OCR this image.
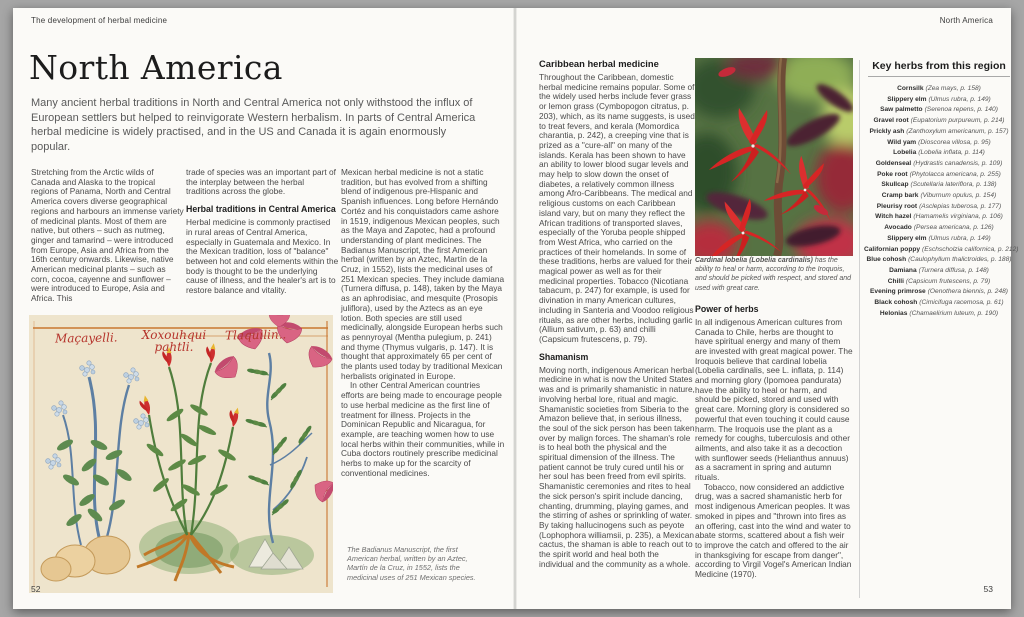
The development of herbal medicine
North America

Many ancient herbal traditions in North and Central America not only withstood the influx of European settlers but helped to reinvigorate Western herbalism. In parts of Central America herbal medicine is widely practised, and in the US and Canada it is again enormously popular.

Stretching from the Arctic wilds of Canada and Alaska to the tropical regions of Panama, North and Central America covers diverse geographical regions and harbours an immense variety of medicinal plants. Most of them are native, but others – such as nutmeg, ginger and tamarind – were introduced from Europe, Asia and Africa from the 16th century onwards. Likewise, native American medicinal plants – such as corn, cocoa, cayenne and sunflower – were introduced to Europe, Asia and Africa. This

trade of species was an important part of the interplay between the herbal traditions across the globe.

Herbal traditions in Central America

Herbal medicine is commonly practised in rural areas of Central America, especially in Guatemala and Mexico. In the Mexican tradition, loss of "balance" between hot and cold elements within the body is thought to be the underlying cause of illness, and the healer's art is to restore balance and vitality.

Mexican herbal medicine is not a static tradition, but has evolved from a shifting blend of indigenous pre-Hispanic and Spanish influences. Long before Hernándo Cortéz and his conquistadors came ashore in 1519, indigenous Mexican peoples, such as the Maya and Zapotec, had a profound understanding of plant medicines. The Badianus Manuscript, the first American herbal (written by an Aztec, Martín de la Cruz, in 1552), lists the medicinal uses of 251 Mexican species. They include damiana (Turnera diffusa, p. 148), taken by the Maya as an aphrodisiac, and mesquite (Prosopis juliflora), used by the Aztecs as an eye lotion. Both species are still used medicinally, alongside European herbs such as pennyroyal (Mentha pulegium, p. 241) and thyme (Thymus vulgaris, p. 147). It is thought that approximately 65 per cent of the plants used today by traditional Mexican herbalists originated in Europe.

In other Central American countries efforts are being made to encourage people to use herbal medicine as the first line of treatment for illness. Projects in the Dominican Republic and Nicaragua, for example, are teaching women how to use local herbs within their communities, while in Cuba doctors routinely prescribe medicinal herbs to make up for the scarcity of conventional medicines.

Maçayelli.	Xoxouhqui pahtli.
Tlaquilin..
The Badianus Manuscript, the first American herbal, written by an Aztec, Martín de la Cruz, in 1552, lists the medicinal uses of 251 Mexican species.
52
North America
Caribbean herbal medicine

Throughout the Caribbean, domestic herbal medicine remains popular. Some of the widely used herbs include fever grass or lemon grass (Cymbopogon citratus, p. 203), which, as its name suggests, is used to treat fevers, and kerala (Momordica charantia, p. 242), a creeping vine that is prized as a "cure-all" on many of the islands. Kerala has been shown to have an ability to lower blood sugar levels and may help to slow down the onset of diabetes, a relatively common illness among Afro-Caribbeans. The medical and religious customs on each Caribbean island vary, but on many they reflect the African traditions of transported slaves, especially of the Yoruba people shipped from West Africa, who carried on the practices of their homelands. In some of these traditions, herbs are valued for their magical power as well as for their medicinal properties. Tobacco (Nicotiana tabacum, p. 247) for example, is used for divination in many American cultures, including in Santeria and Voodoo religious rituals, as are other herbs, including garlic (Allium sativum, p. 63) and chilli (Capsicum frutescens, p. 79).

Shamanism

Moving north, indigenous American herbal medicine in what is now the United States was and is primarily shamanistic in nature, involving herbal lore, ritual and magic. Shamanistic societies from Siberia to the Amazon believe that, in serious illness, the soul of the sick person has been taken over by malign forces. The shaman's role is to heal both the physical and the spiritual dimension of the illness. The patient cannot be truly cured until his or her soul has been freed from evil spirits. Shamanistic ceremonies and rites to heal the sick person's spirit include dancing, chanting, drumming, playing games, and the stirring of ashes or sprinkling of water. By taking hallucinogens such as peyote (Lophophora williamsii, p. 235), a Mexican cactus, the shaman is able to reach out to the spirit world and heal both the individual and the community as a whole.

Cardinal lobelia (Lobelia cardinalis) has the ability to heal or harm, according to the Iroquois, and should be picked with respect, and stored and used with great care.

Power of herbs

In all indigenous American cultures from Canada to Chile, herbs are thought to have spiritual energy and many of them are invested with great magical power. The Iroquois believe that cardinal lobelia (Lobelia cardinalis, see L. inflata, p. 114) and morning glory (Ipomoea pandurata) have the ability to heal or harm, and should be picked, stored and used with great care. Morning glory is considered so powerful that even touching it could cause harm. The Iroquois use the plant as a remedy for coughs, tuberculosis and other ailments, and also take it as a decoction with sunflower seeds (Helianthus annuus) as a sacrament in spring and autumn rituals.

Tobacco, now considered an addictive drug, was a sacred shamanistic herb for most indigenous American peoples. It was smoked in pipes and "thrown into fires as an offering, cast into the wind and water to abate storms, scattered about a fish weir to improve the catch and offered to the air in thanksgiving for escape from danger", according to Virgil Vogel's American Indian Medicine (1970).

Key herbs from this region
Cornsilk (Zea mays, p. 158)
Slippery elm (Ulmus rubra, p. 149)
Saw palmetto (Serenoa repens, p. 140)
Gravel root (Eupatorium purpureum, p. 214)
Prickly ash (Zanthoxylum americanum, p. 157)
Wild yam (Dioscorea villosa, p. 95)
Lobelia (Lobelia inflata, p. 114)
Goldenseal (Hydrastis canadensis, p. 109)
Poke root (Phytolacca americana, p. 255)
Skullcap (Scutellaria lateriflora, p. 138)
Cramp bark (Viburnum opulus, p. 154)
Pleurisy root (Asclepias tuberosa, p. 177)
Witch hazel (Hamamelis virginiana, p. 106)
Avocado (Persea americana, p. 126)
Slippery elm (Ulmus rubra, p. 149)
Californian poppy (Eschscholzia californica, p. 212)
Blue cohosh (Caulophyllum thalictroides, p. 188)
Damiana (Turnera diffusa, p. 148)
Chilli (Capsicum frutescens, p. 79)
Evening primrose (Oenothera biennis, p. 248)
Black cohosh (Cimicifuga racemosa, p. 61)
Helonias (Chamaelirium luteum, p. 190)
53
